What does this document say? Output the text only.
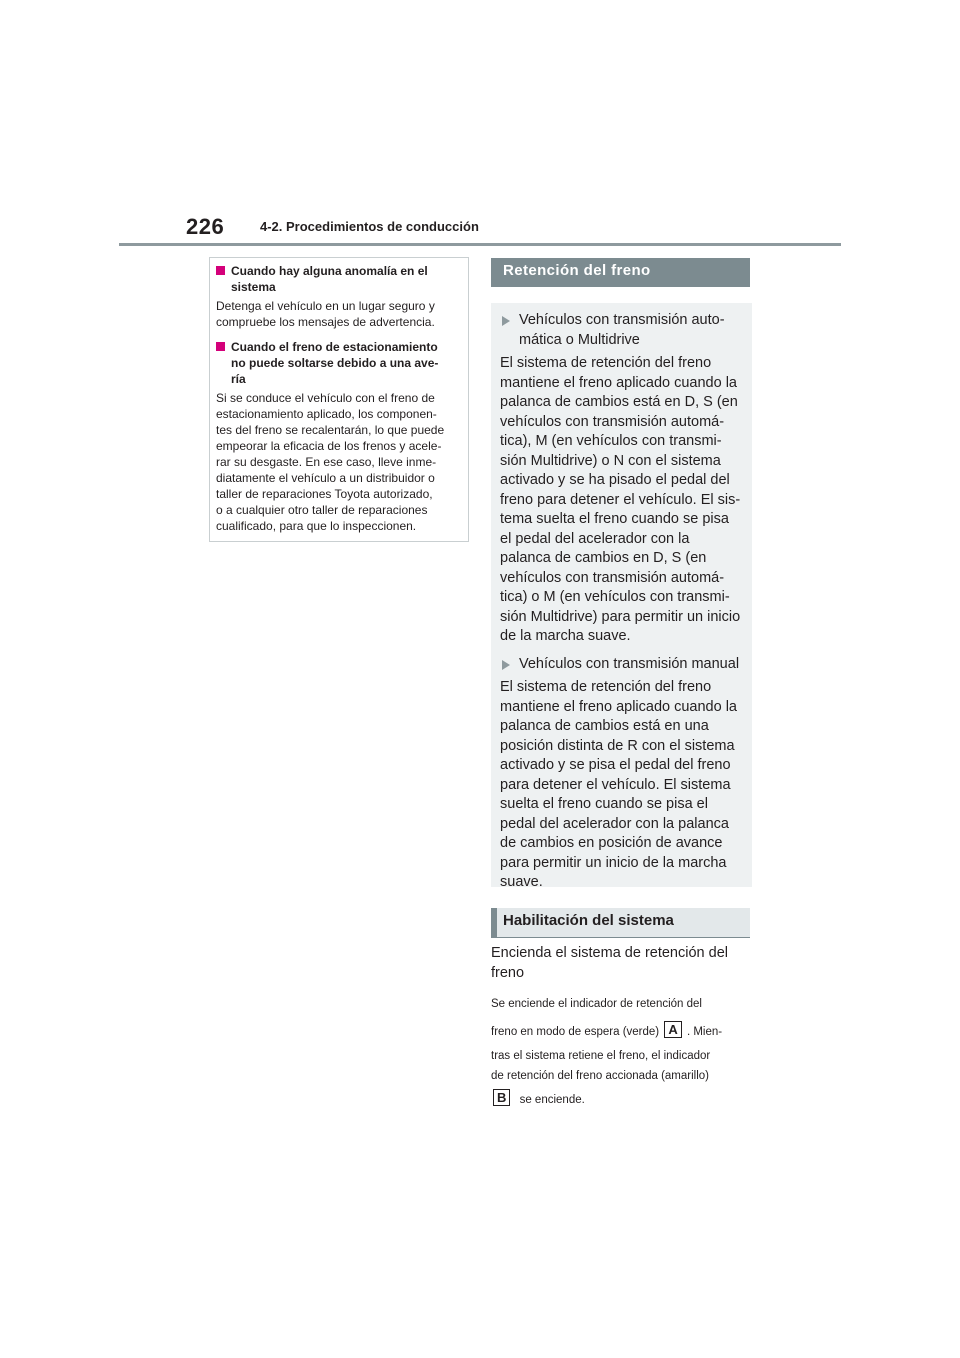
226	4-2. Procedimientos de conducción
Cuando hay alguna anomalía en el
sistema
Detenga el vehículo en un lugar seguro y
compruebe los mensajes de advertencia.
Cuando el freno de estacionamiento
no puede soltarse debido a una ave-
ría
Si se conduce el vehículo con el freno de
estacionamiento aplicado, los componen-
tes del freno se recalentarán, lo que puede
empeorar la eficacia de los frenos y acele-
rar su desgaste. En ese caso, lleve inme-
diatamente el vehículo a un distribuidor o
taller de reparaciones Toyota autorizado,
o a cualquier otro taller de reparaciones
cualificado, para que lo inspeccionen.
Retención del freno
Vehículos con transmisión auto-
mática o Multidrive
El sistema de retención del freno
mantiene el freno aplicado cuando la
palanca de cambios está en D, S (en
vehículos con transmisión automá-
tica), M (en vehículos con transmi-
sión Multidrive) o N con el sistema
activado y se ha pisado el pedal del
freno para detener el vehículo. El sis-
tema suelta el freno cuando se pisa
el pedal del acelerador con la
palanca de cambios en D, S (en
vehículos con transmisión automá-
tica) o M (en vehículos con transmi-
sión Multidrive) para permitir un inicio
de la marcha suave.
Vehículos con transmisión manual
El sistema de retención del freno
mantiene el freno aplicado cuando la
palanca de cambios está en una
posición distinta de R con el sistema
activado y se pisa el pedal del freno
para detener el vehículo. El sistema
suelta el freno cuando se pisa el
pedal del acelerador con la palanca
de cambios en posición de avance
para permitir un inicio de la marcha
suave.
Habilitación del sistema
Encienda el sistema de retención del
freno
Se enciende el indicador de retención del
freno en modo de espera (verde) A . Mien-
tras el sistema retiene el freno, el indicador
de retención del freno accionada (amarillo)
B se enciende.
